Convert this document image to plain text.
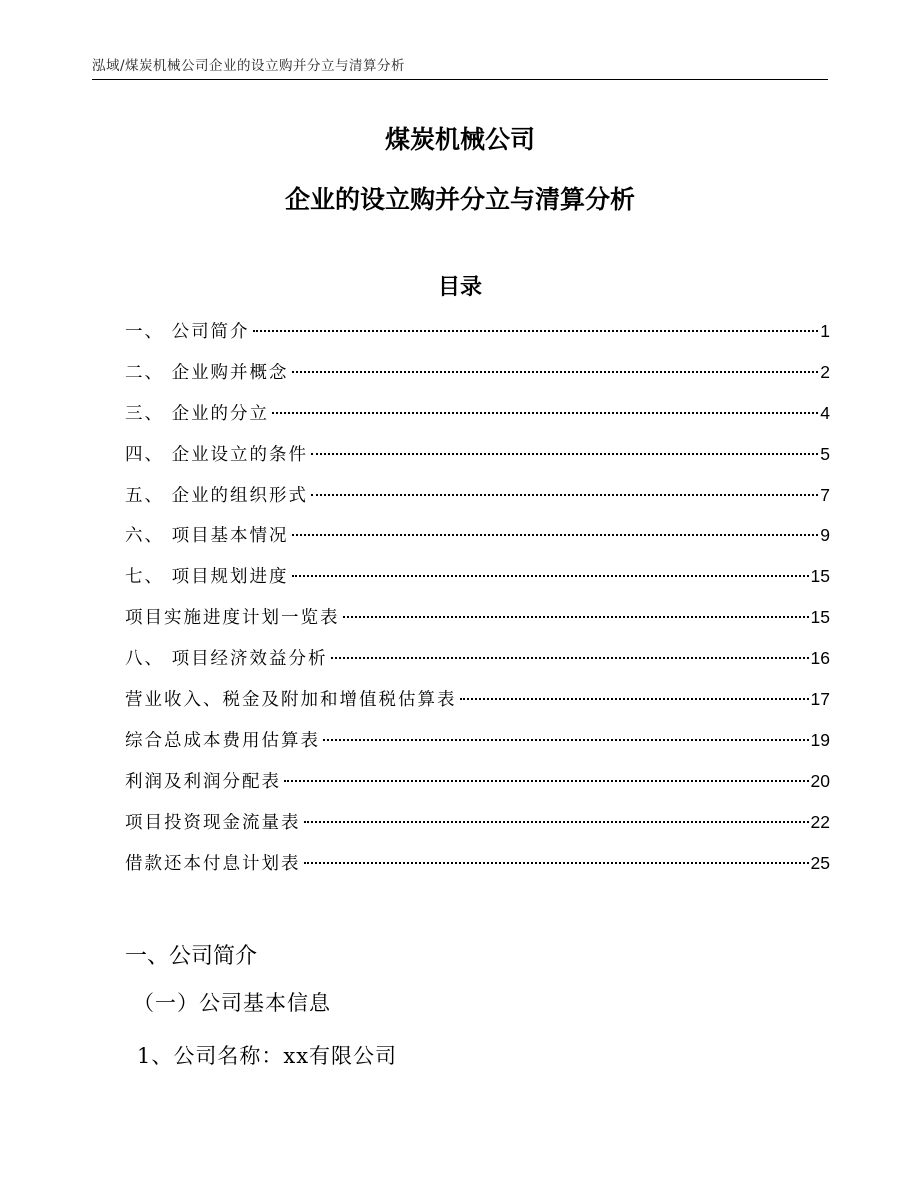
泓域/煤炭机械公司企业的设立购并分立与清算分析
煤炭机械公司
企业的设立购并分立与清算分析
目录
一、 公司简介	1
二、 企业购并概念	2
三、 企业的分立	4
四、 企业设立的条件	5
五、 企业的组织形式	7
六、 项目基本情况	9
七、 项目规划进度	15
项目实施进度计划一览表	15
八、 项目经济效益分析	16
营业收入、税金及附加和增值税估算表	17
综合总成本费用估算表	19
利润及利润分配表	20
项目投资现金流量表	22
借款还本付息计划表	25
一、公司简介
（一）公司基本信息
1、公司名称：xx有限公司
